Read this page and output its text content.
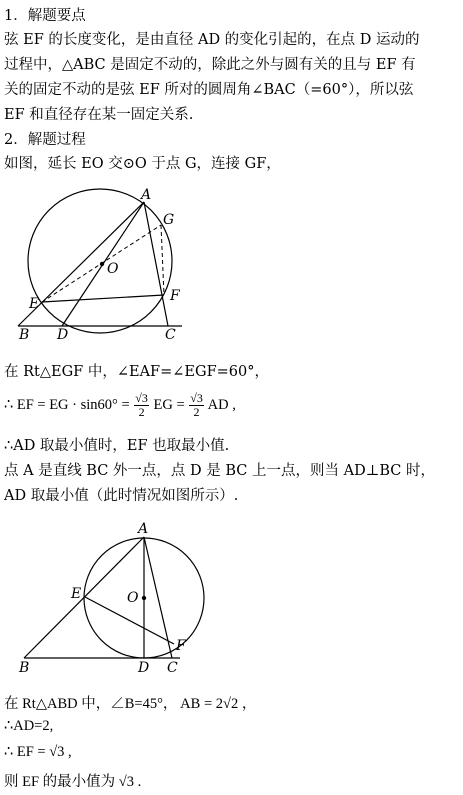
1．解题要点
弦 EF 的长度变化，是由直径 AD 的变化引起的，在点 D 运动的
过程中，△ABC 是固定不动的，除此之外与圆有关的且与 EF 有
关的固定不动的是弦 EF 所对的圆周角∠BAC（=60°），所以弦
EF 和直径存在某一固定关系.
2．解题过程
如图，延长 EO 交⊙O 于点 G，连接 GF，
A
G
O
E	F
B D	C
在 Rt△EGF 中，∠EAF=∠EGF=60°，
∴ EF = EG · $\sin 60^\circ = \frac{√3}{2}$ EG = $\frac{√3}{2}$ AD ,
∴AD 取最小值时，EF 也取最小值.
点 A 是直线 BC 外一点，点 D 是 BC 上一点，则当 AD⊥BC 时，
AD 取最小值（此时情况如图所示）.
A
O
E
F
B	D C
在 Rt△ABD 中，∠B=45°， AB = 2√2 ，
∴AD=2,
∴ EF = √3 ,
则 EF 的最小值为 √3 .
